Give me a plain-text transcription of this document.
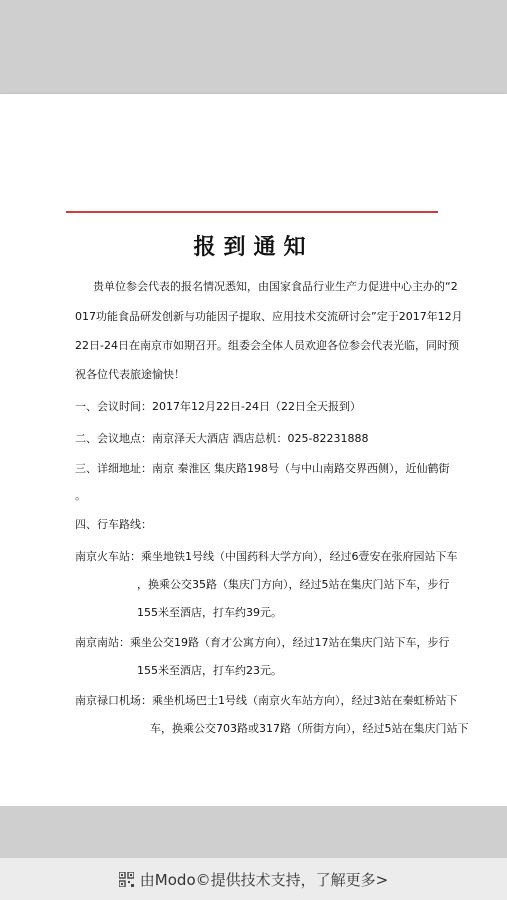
报到通知
贵单位参会代表的报名情况悉知，由国家食品行业生产力促进中心主办的“2
017功能食品研发创新与功能因子提取、应用技术交流研讨会”定于2017年12月
22日-24日在南京市如期召开。组委会全体人员欢迎各位参会代表光临，同时预
祝各位代表旅途愉快！
一、会议时间：2017年12月22日-24日（22日全天报到）
二、会议地点：南京泽天大酒店 酒店总机：025-82231888
三、详细地址：南京 秦淮区 集庆路198号（与中山南路交界西侧），近仙鹤街
。
四、行车路线：
南京火车站：乘坐地铁1号线（中国药科大学方向），经过6壹安在张府园站下车
，换乘公交35路（集庆门方向），经过5站在集庆门站下车，步行
155米至酒店，打车约39元。
南京南站：乘坐公交19路（育才公寓方向），经过17站在集庆门站下车，步行
155米至酒店，打车约23元。
南京禄口机场：乘坐机场巴士1号线（南京火车站方向），经过3站在秦虹桥站下
车，换乘公交703路或317路（所街方向），经过5站在集庆门站下
由Modo©提供技术支持，了解更多>
